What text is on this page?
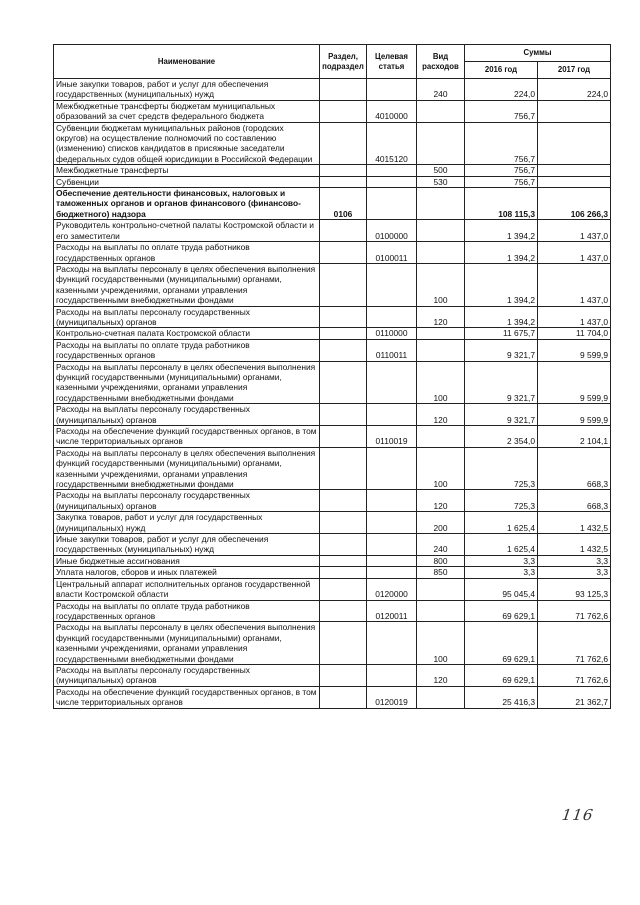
Наименование	Раздел, подраздел	Целевая статья	Вид расходов	Суммы	
				2016 год	2017 год
Иные закупки товаров, работ и услуг для обеспечения государственных (муниципальных) нужд			240	224,0	224,0
Межбюджетные трансферты бюджетам муниципальных образований за счет средств федерального бюджета		4010000		756,7	
Субвенции бюджетам муниципальных районов (городских округов) на осуществление полномочий по составлению (изменению) списков кандидатов в присяжные заседатели федеральных судов общей юрисдикции в Российской Федерации		4015120		756,7	
Межбюджетные трансферты			500	756,7	
Субвенции			530	756,7	
Обеспечение деятельности финансовых, налоговых и таможенных органов и органов финансового (финансово-бюджетного) надзора	0106			108 115,3	106 266,3
Руководитель контрольно-счетной палаты Костромской области и его заместители		0100000		1 394,2	1 437,0
Расходы на выплаты по оплате труда работников государственных органов		0100011		1 394,2	1 437,0
Расходы на выплаты персоналу в целях обеспечения выполнения функций государственными (муниципальными) органами, казенными учреждениями, органами управления государственными внебюджетными фондами			100	1 394,2	1 437,0
Расходы на выплаты персоналу государственных (муниципальных) органов			120	1 394,2	1 437,0
Контрольно-счетная палата Костромской области		0110000		11 675,7	11 704,0
Расходы на выплаты по оплате труда работников государственных органов		0110011		9 321,7	9 599,9
Расходы на выплаты персоналу в целях обеспечения выполнения функций государственными (муниципальными) органами, казенными учреждениями, органами управления государственными внебюджетными фондами			100	9 321,7	9 599,9
Расходы на выплаты персоналу государственных (муниципальных) органов			120	9 321,7	9 599,9
Расходы на обеспечение функций государственных органов, в том числе территориальных органов		0110019		2 354,0	2 104,1
Расходы на выплаты персоналу в целях обеспечения выполнения функций государственными (муниципальными) органами, казенными учреждениями, органами управления государственными внебюджетными фондами			100	725,3	668,3
Расходы на выплаты персоналу государственных (муниципальных) органов			120	725,3	668,3
Закупка товаров, работ и услуг для государственных (муниципальных) нужд			200	1 625,4	1 432,5
Иные закупки товаров, работ и услуг для обеспечения государственных (муниципальных) нужд			240	1 625,4	1 432,5
Иные бюджетные ассигнования			800	3,3	3,3
Уплата налогов, сборов и иных платежей			850	3,3	3,3
Центральный аппарат исполнительных органов государственной власти Костромской области		0120000		95 045,4	93 125,3
Расходы на выплаты по оплате труда работников государственных органов		0120011		69 629,1	71 762,6
Расходы на выплаты персоналу в целях обеспечения выполнения функций государственными (муниципальными) органами, казенными учреждениями, органами управления государственными внебюджетными фондами			100	69 629,1	71 762,6
Расходы на выплаты персоналу государственных (муниципальных) органов			120	69 629,1	71 762,6
Расходы на обеспечение функций государственных органов, в том числе территориальных органов		0120019		25 416,3	21 362,7
116
